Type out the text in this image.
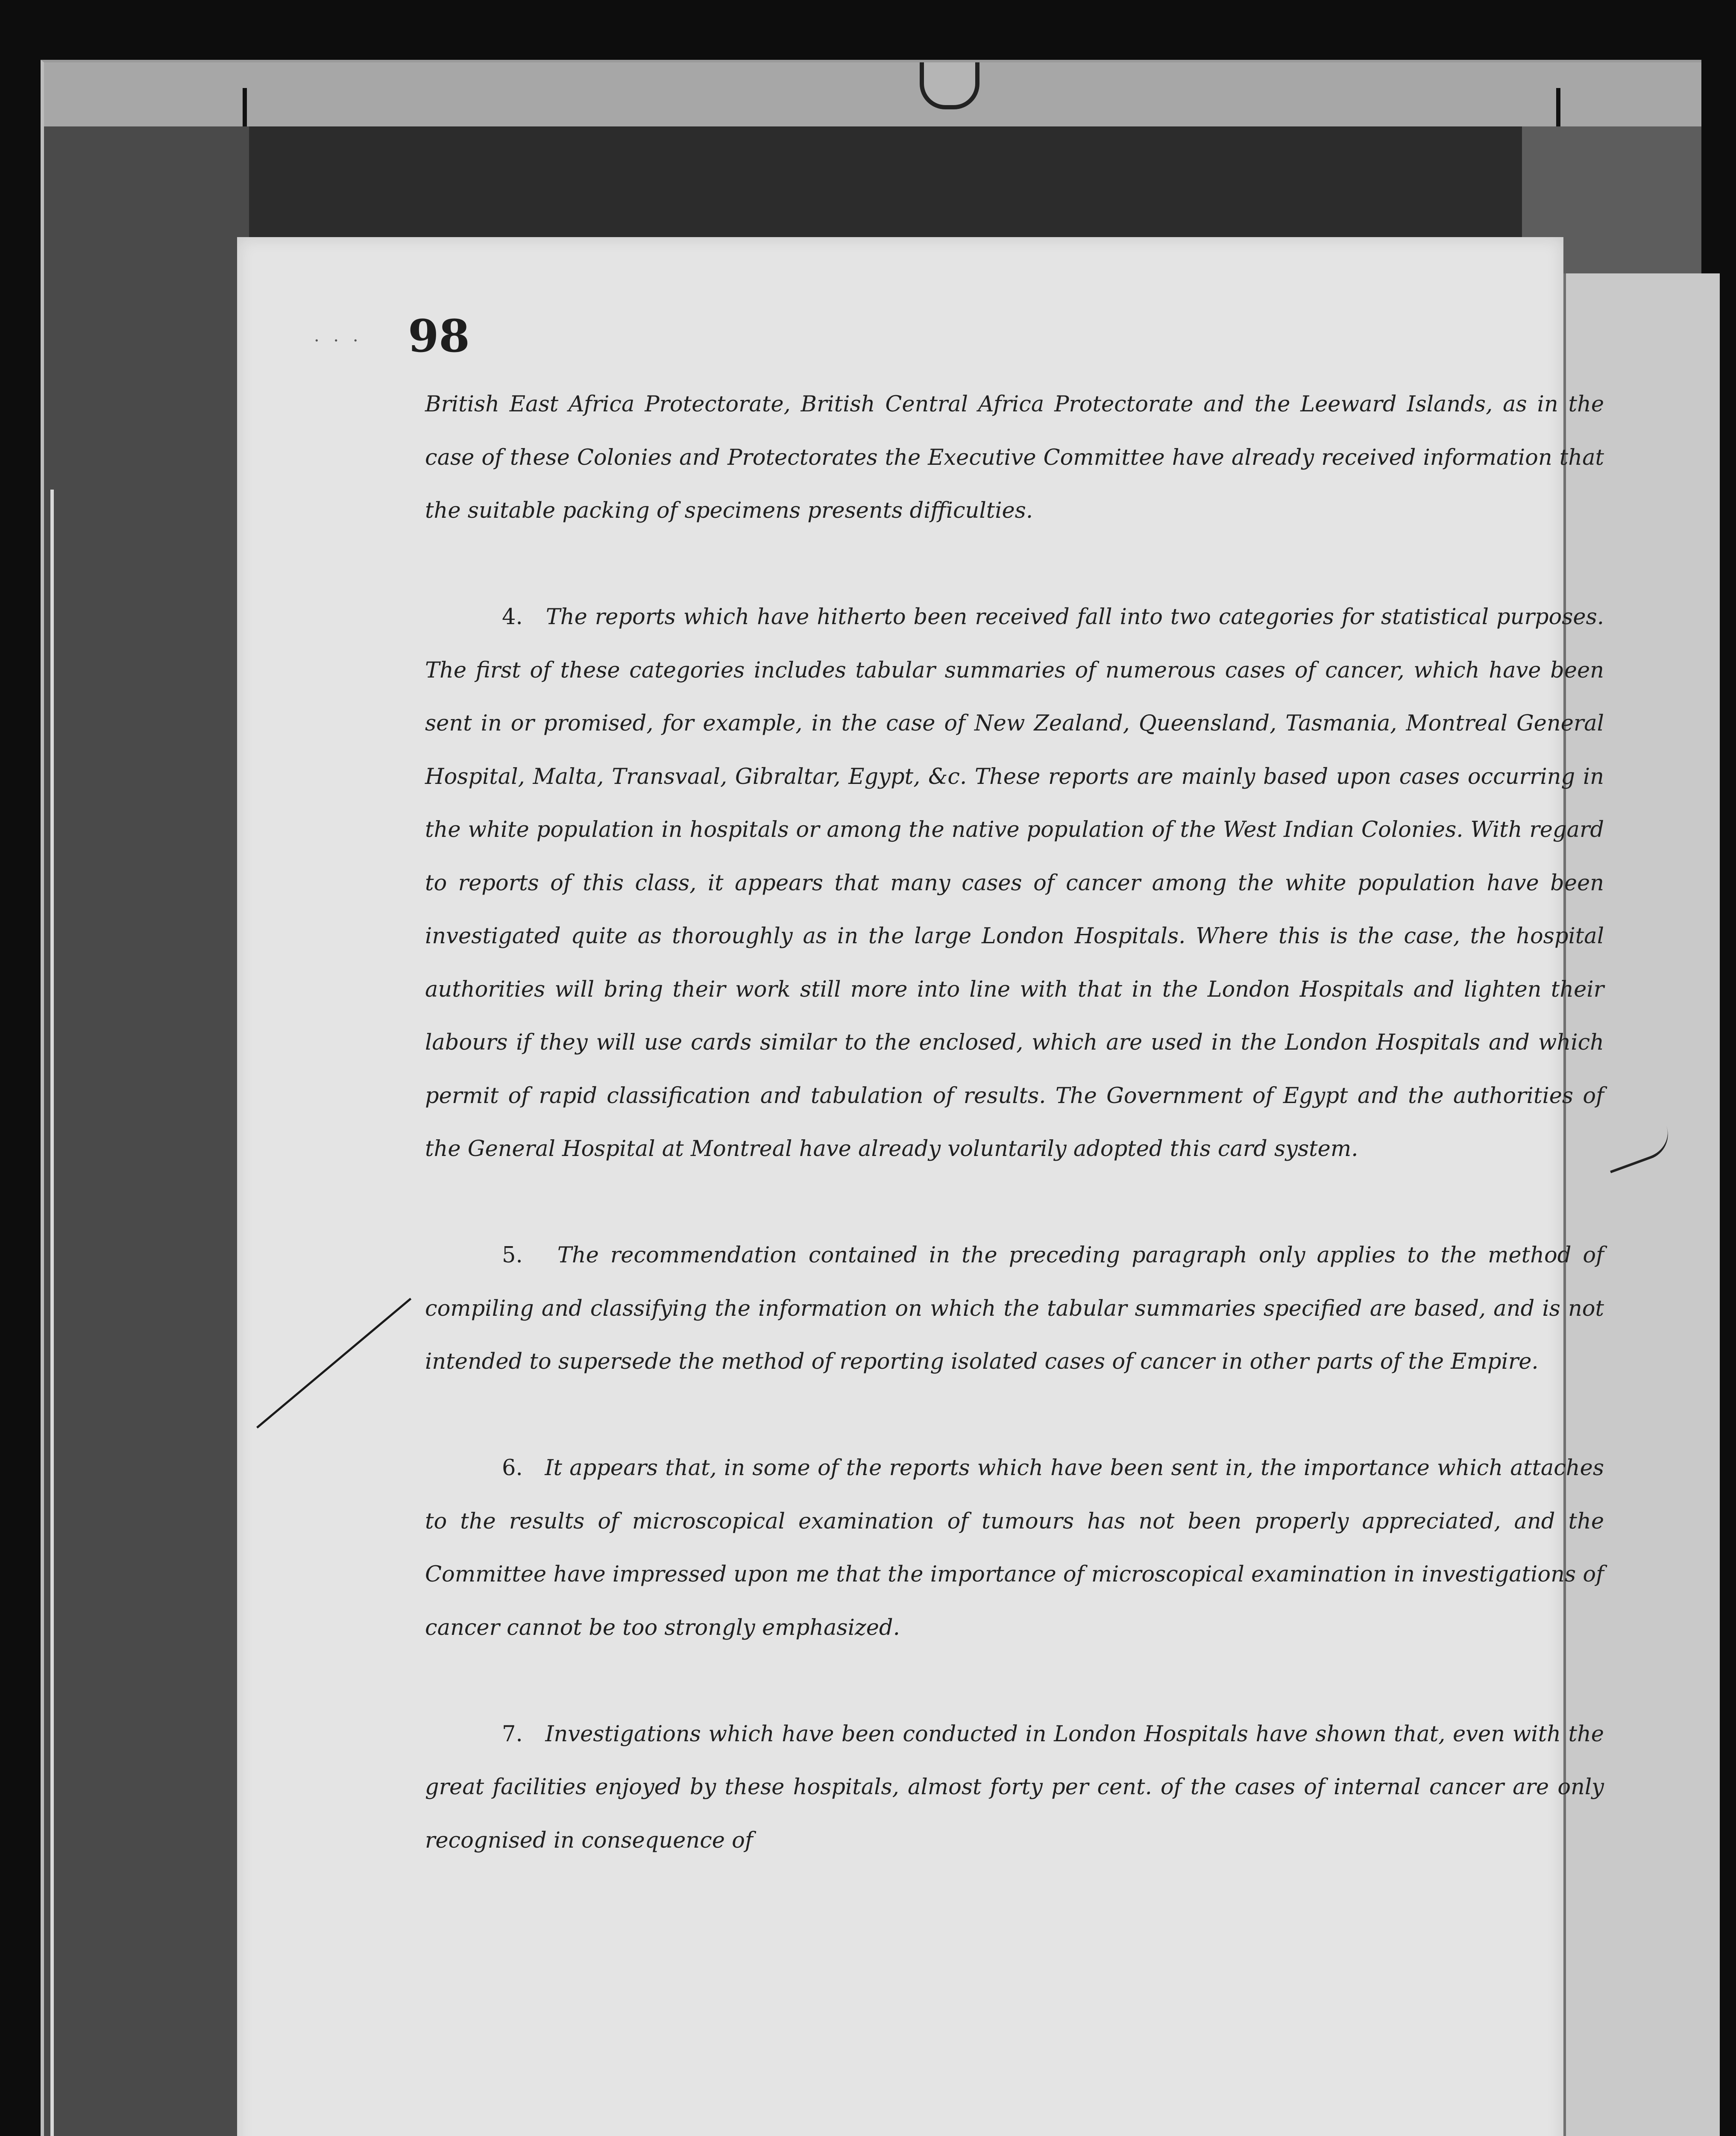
· · · 98

British East Africa Protectorate, British Central Africa Protectorate and the Leeward Islands, as in the case of these Colonies and Protectorates the Executive Committee have already received information that the suitable packing of specimens presents difficulties.

4. The reports which have hitherto been received fall into two categories for statistical purposes. The first of these categories includes tabular summaries of numerous cases of cancer, which have been sent in or promised, for example, in the case of New Zealand, Queensland, Tasmania, Montreal General Hospital, Malta, Transvaal, Gibraltar, Egypt, &c. These reports are mainly based upon cases occurring in the white population in hospitals or among the native population of the West Indian Colonies. With regard to reports of this class, it appears that many cases of cancer among the white population have been investigated quite as thoroughly as in the large London Hospitals. Where this is the case, the hospital authorities will bring their work still more into line with that in the London Hospitals and lighten their labours if they will use cards similar to the enclosed, which are used in the London Hospitals and which permit of rapid classification and tabulation of results. The Government of Egypt and the authorities of the General Hospital at Montreal have already voluntarily adopted this card system.

5. The recommendation contained in the preceding paragraph only applies to the method of compiling and classifying the information on which the tabular summaries specified are based, and is not intended to supersede the method of reporting isolated cases of cancer in other parts of the Empire.

6. It appears that, in some of the reports which have been sent in, the importance which attaches to the results of microscopical examination of tumours has not been properly appreciated, and the Committee have impressed upon me that the importance of microscopical examination in investigations of cancer cannot be too strongly emphasized.

7. Investigations which have been conducted in London Hospitals have shown that, even with the great facilities enjoyed by these hospitals, almost forty per cent. of the cases of internal cancer are only recognised in consequence of
